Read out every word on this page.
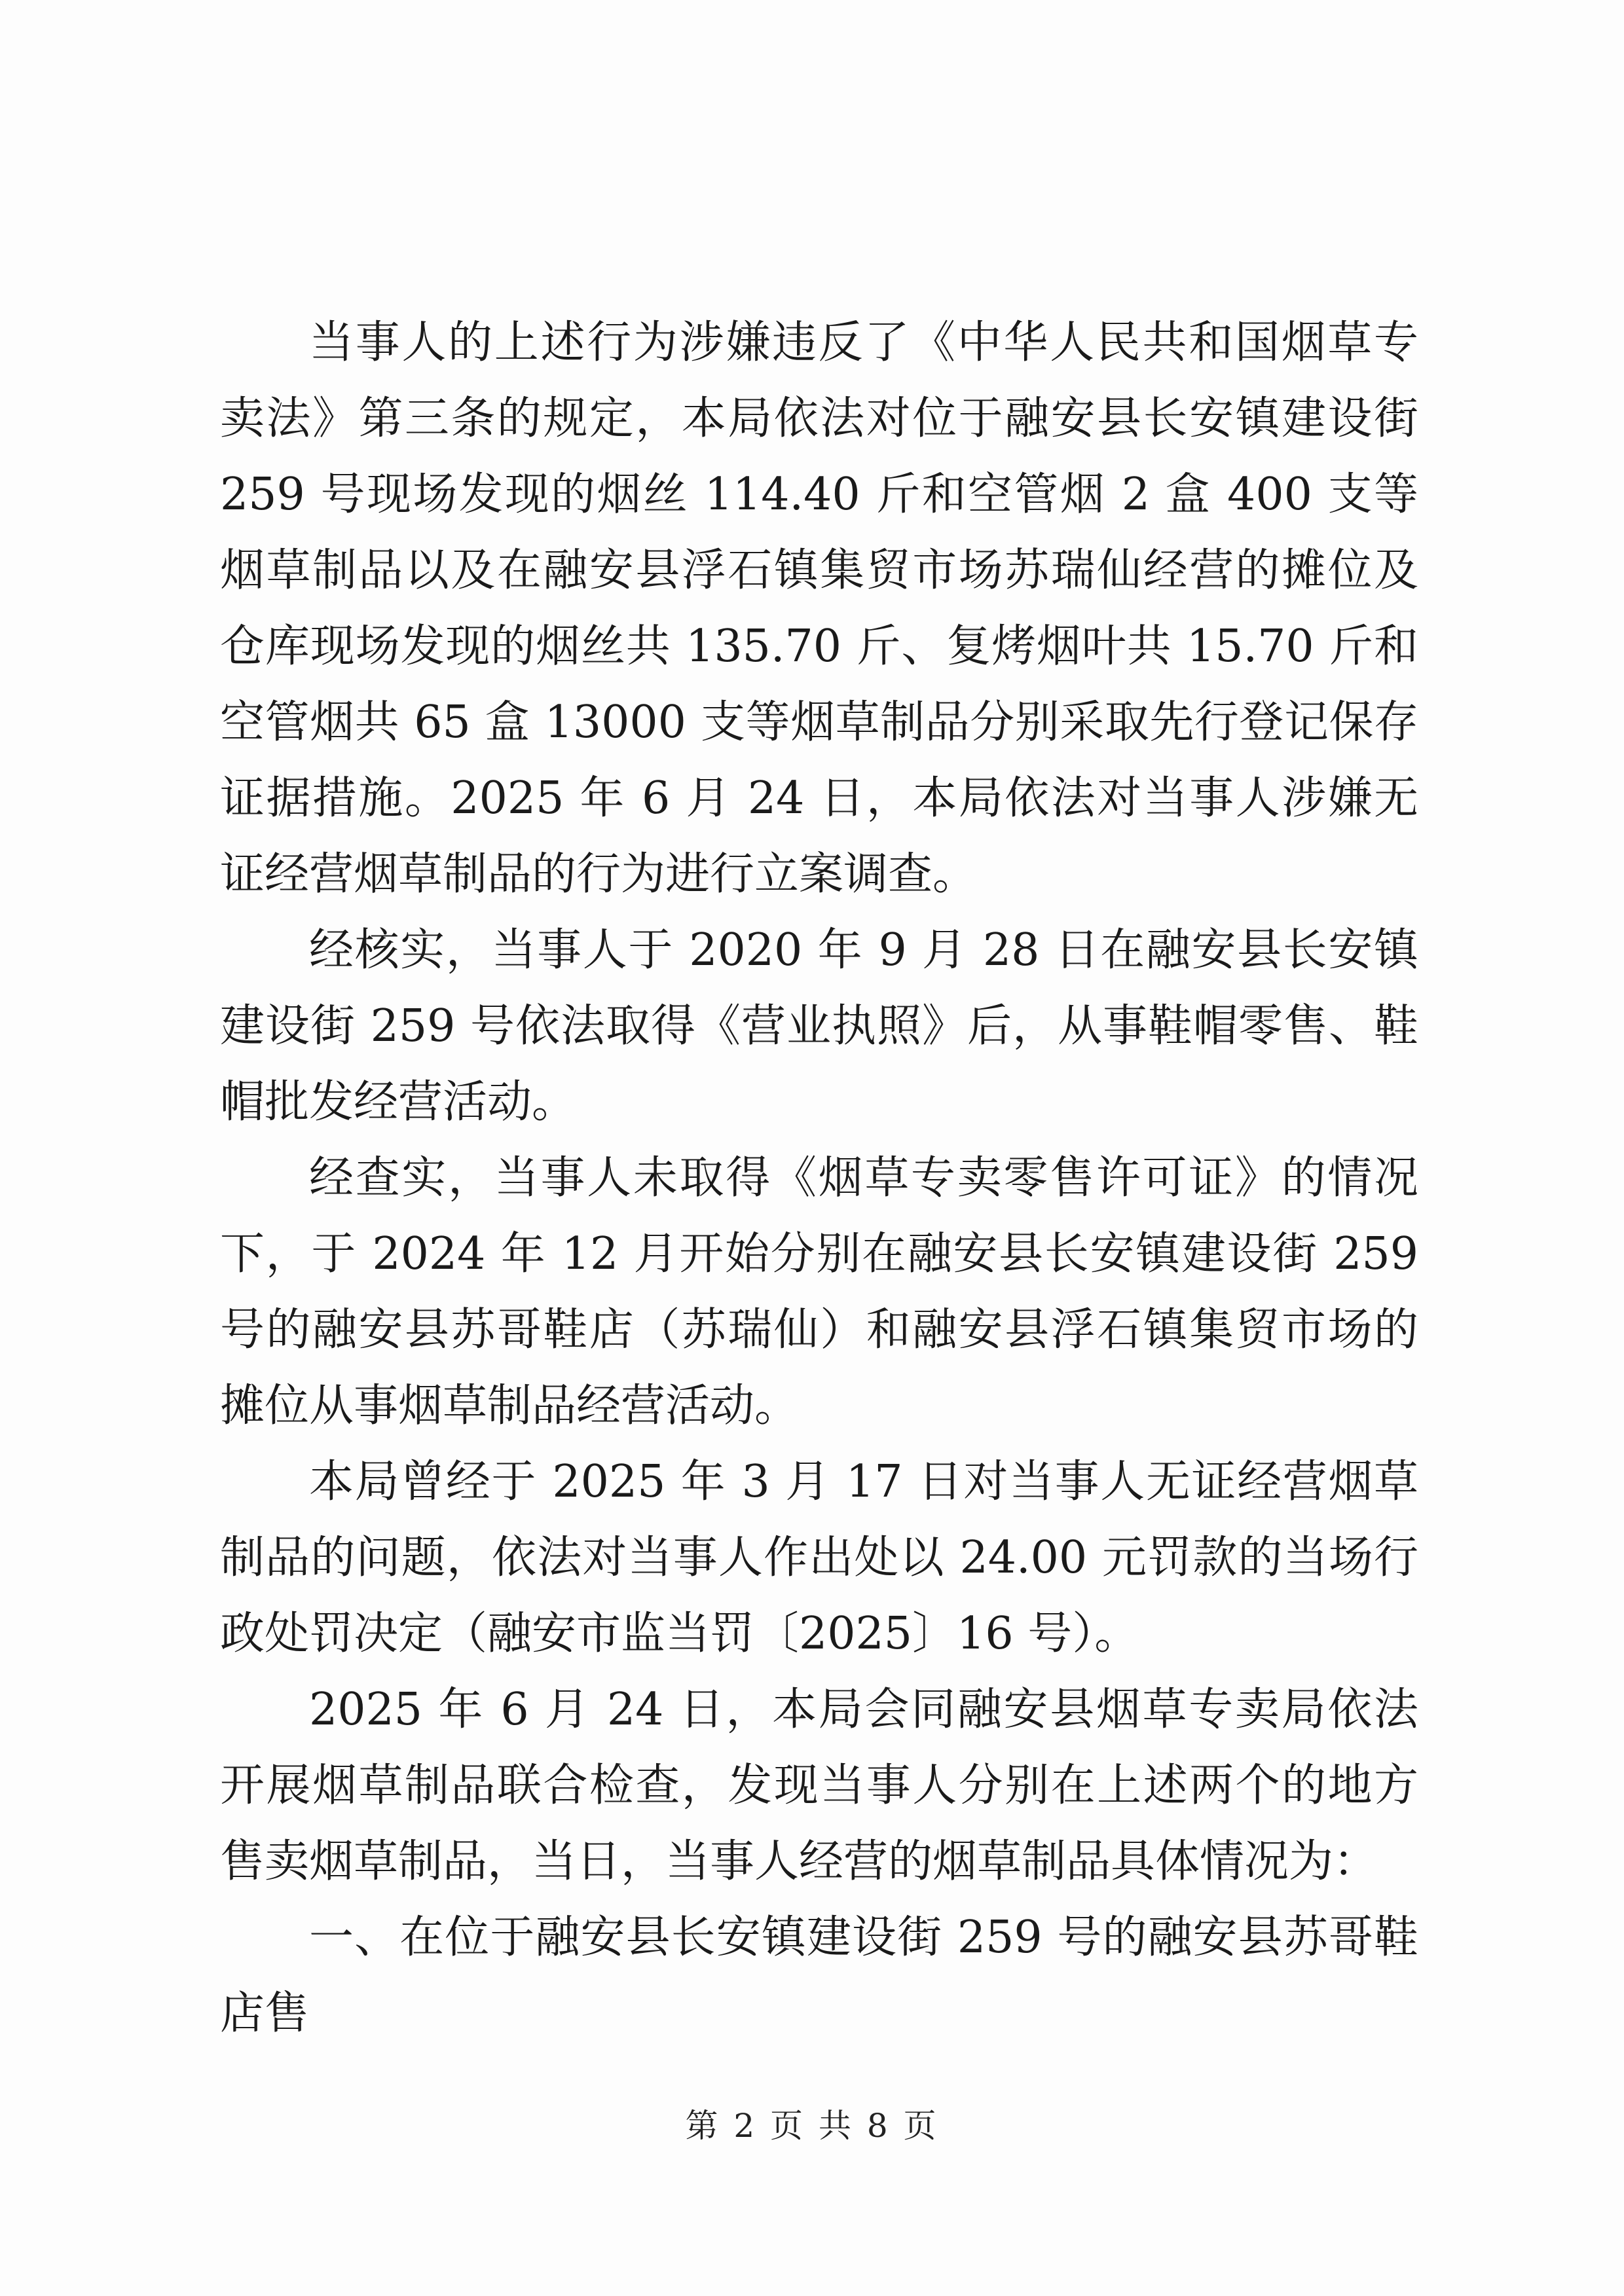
当事人的上述行为涉嫌违反了《中华人民共和国烟草专卖法》第三条的规定，本局依法对位于融安县长安镇建设街 259 号现场发现的烟丝 114.40 斤和空管烟 2 盒 400 支等烟草制品以及在融安县浮石镇集贸市场苏瑞仙经营的摊位及仓库现场发现的烟丝共 135.70 斤、复烤烟叶共 15.70 斤和空管烟共 65 盒 13000 支等烟草制品分别采取先行登记保存证据措施。2025 年 6 月 24 日，本局依法对当事人涉嫌无证经营烟草制品的行为进行立案调查。

经核实，当事人于 2020 年 9 月 28 日在融安县长安镇建设街 259 号依法取得《营业执照》后，从事鞋帽零售、鞋帽批发经营活动。

经查实，当事人未取得《烟草专卖零售许可证》的情况下，于 2024 年 12 月开始分别在融安县长安镇建设街 259 号的融安县苏哥鞋店（苏瑞仙）和融安县浮石镇集贸市场的摊位从事烟草制品经营活动。

本局曾经于 2025 年 3 月 17 日对当事人无证经营烟草制品的问题，依法对当事人作出处以 24.00 元罚款的当场行政处罚决定（融安市监当罚〔2025〕16 号）。

2025 年 6 月 24 日，本局会同融安县烟草专卖局依法开展烟草制品联合检查，发现当事人分别在上述两个的地方售卖烟草制品，当日，当事人经营的烟草制品具体情况为：

一、在位于融安县长安镇建设街 259 号的融安县苏哥鞋店售

第 2 页 共 8 页
